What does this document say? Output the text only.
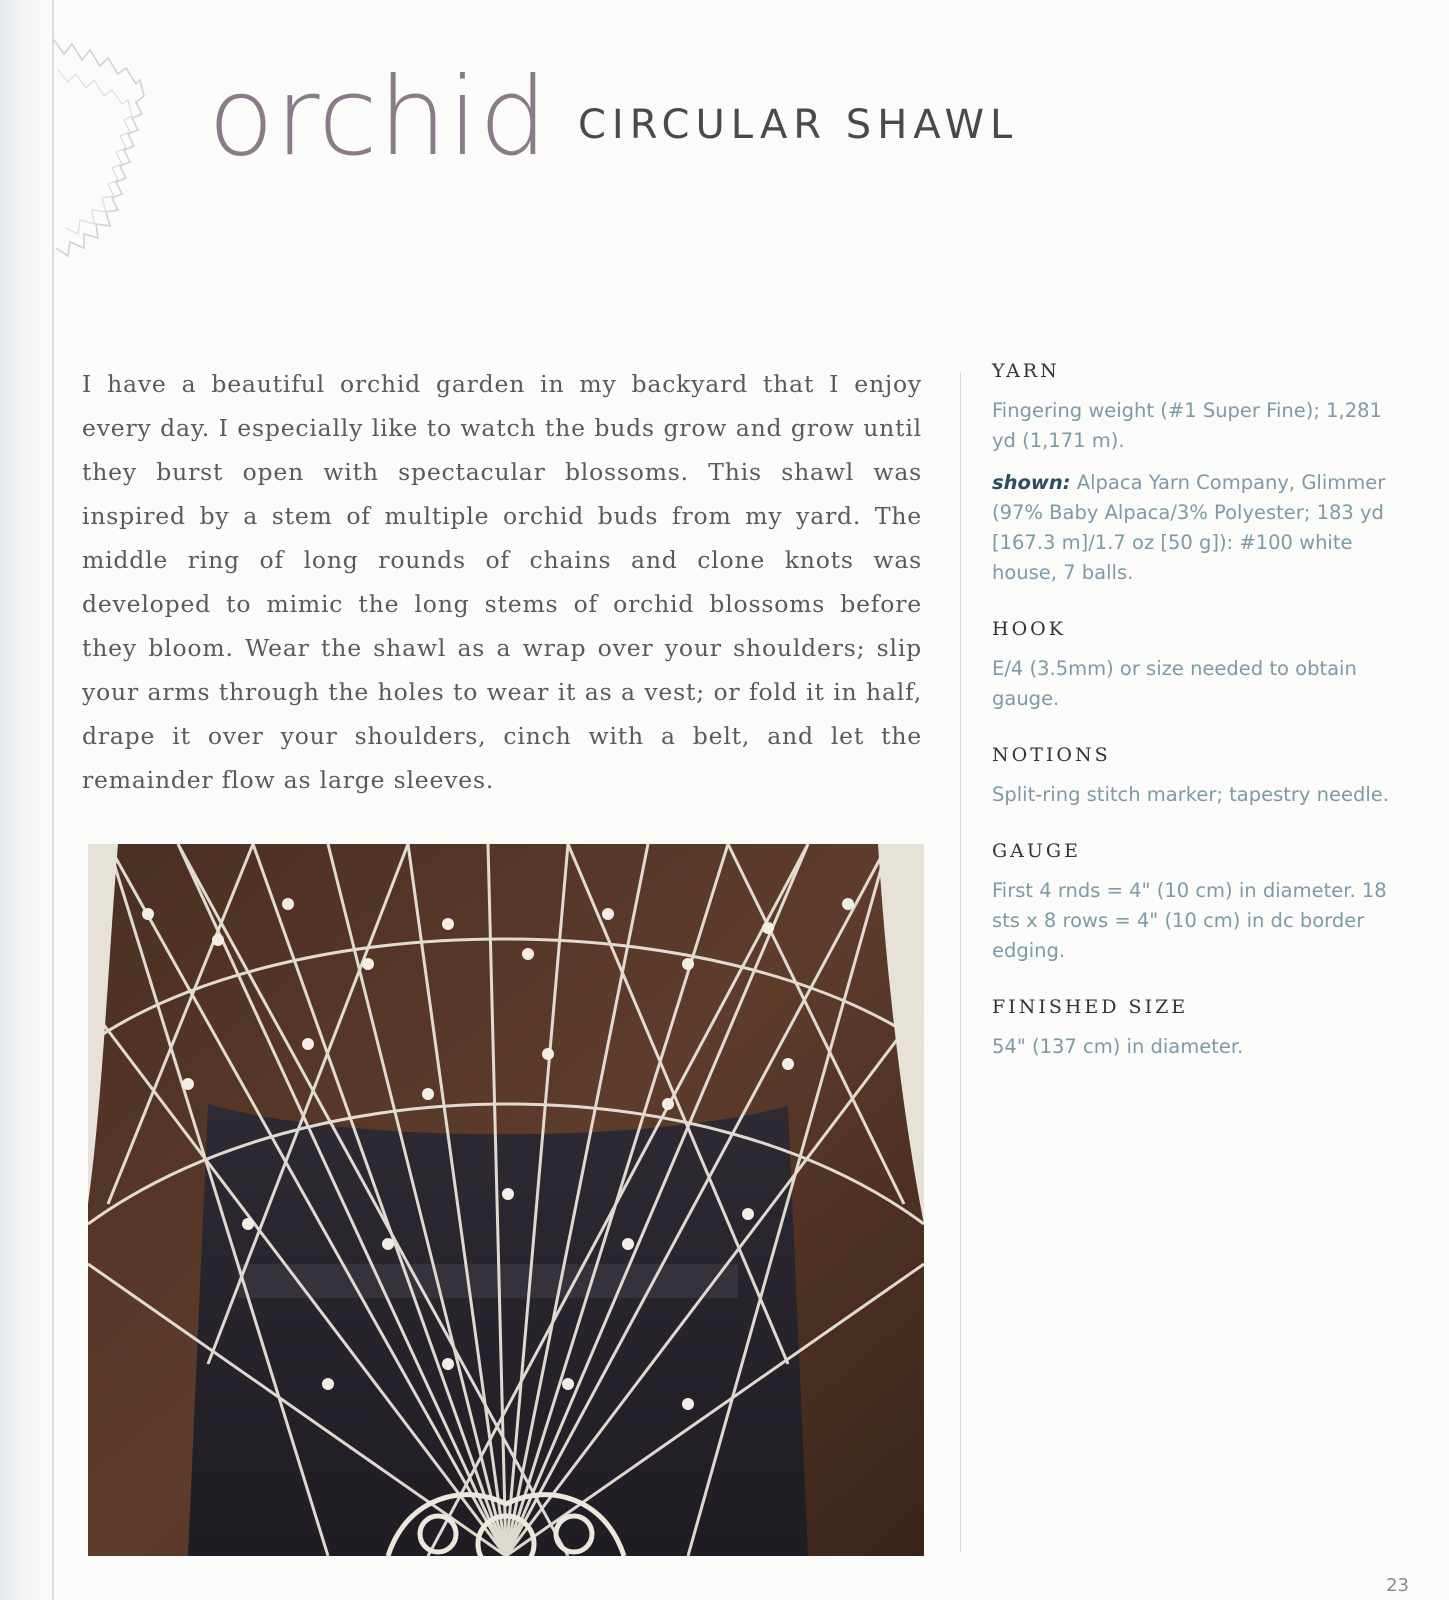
orchid CIRCULAR SHAWL

I have a beautiful orchid garden in my backyard that I enjoy every day. I especially like to watch the buds grow and grow until they burst open with spectacular blossoms. This shawl was inspired by a stem of multiple orchid buds from my yard. The middle ring of long rounds of chains and clone knots was developed to mimic the long stems of orchid blossoms before they bloom. Wear the shawl as a wrap over your shoulders; slip your arms through the holes to wear it as a vest; or fold it in half, drape it over your shoulders, cinch with a belt, and let the remainder flow as large sleeves.

YARN

Fingering weight (#1 Super Fine); 1,281 yd (1,171 m).

shown: Alpaca Yarn Company, Glimmer (97% Baby Alpaca/3% Polyester; 183 yd [167.3 m]/1.7 oz [50 g]): #100 white house, 7 balls.

HOOK

E/4 (3.5mm) or size needed to obtain gauge.

NOTIONS

Split-ring stitch marker; tapestry needle.

GAUGE

First 4 rnds = 4" (10 cm) in diameter. 18 sts x 8 rows = 4" (10 cm) in dc border edging.

FINISHED SIZE

54" (137 cm) in diameter.

23
